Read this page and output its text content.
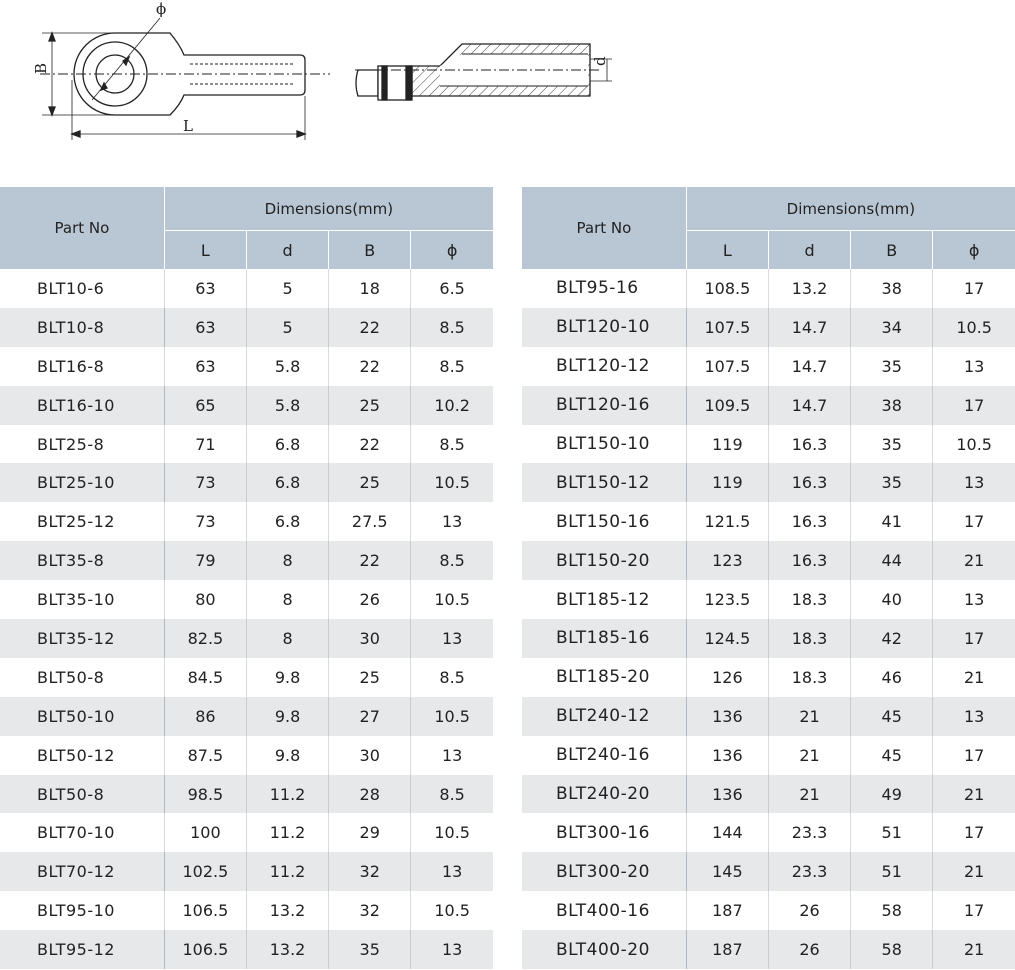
B
L
ϕ
d
Part No	Dimensions(mm)			
	L	d	B	ϕ
BLT10-6	63	5	18	6.5
BLT10-8	63	5	22	8.5
BLT16-8	63	5.8	22	8.5
BLT16-10	65	5.8	25	10.2
BLT25-8	71	6.8	22	8.5
BLT25-10	73	6.8	25	10.5
BLT25-12	73	6.8	27.5	13
BLT35-8	79	8	22	8.5
BLT35-10	80	8	26	10.5
BLT35-12	82.5	8	30	13
BLT50-8	84.5	9.8	25	8.5
BLT50-10	86	9.8	27	10.5
BLT50-12	87.5	9.8	30	13
BLT50-8	98.5	11.2	28	8.5
BLT70-10	100	11.2	29	10.5
BLT70-12	102.5	11.2	32	13
BLT95-10	106.5	13.2	32	10.5
BLT95-12	106.5	13.2	35	13
Part No	Dimensions(mm)			
	L	d	B	ϕ
BLT95-16	108.5	13.2	38	17
BLT120-10	107.5	14.7	34	10.5
BLT120-12	107.5	14.7	35	13
BLT120-16	109.5	14.7	38	17
BLT150-10	119	16.3	35	10.5
BLT150-12	119	16.3	35	13
BLT150-16	121.5	16.3	41	17
BLT150-20	123	16.3	44	21
BLT185-12	123.5	18.3	40	13
BLT185-16	124.5	18.3	42	17
BLT185-20	126	18.3	46	21
BLT240-12	136	21	45	13
BLT240-16	136	21	45	17
BLT240-20	136	21	49	21
BLT300-16	144	23.3	51	17
BLT300-20	145	23.3	51	21
BLT400-16	187	26	58	17
BLT400-20	187	26	58	21
